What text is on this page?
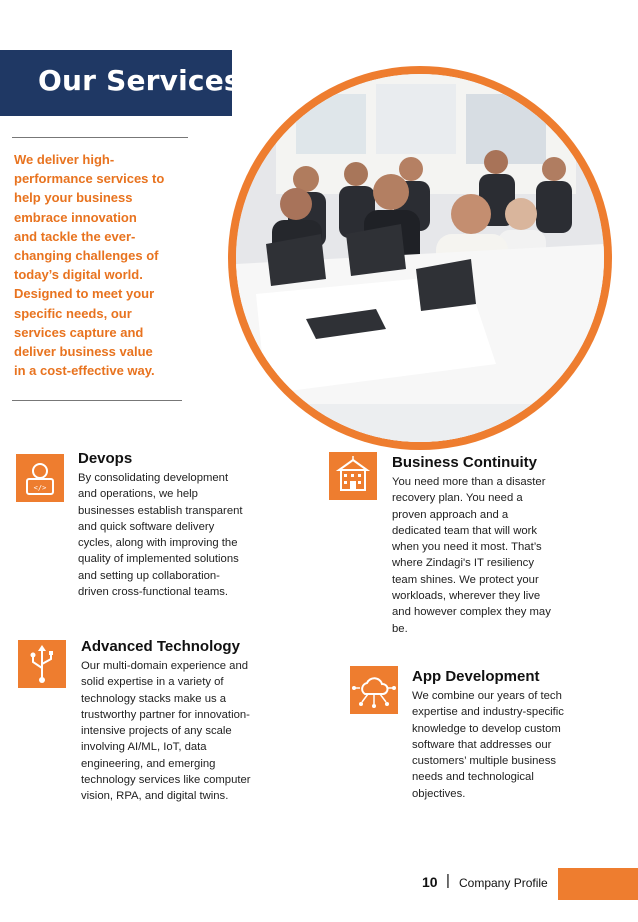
Our Services
We deliver high-
performance services to
help your business
embrace innovation
and tackle the ever-
changing challenges of
today’s digital world.
Designed to meet your
specific needs, our
services capture and
deliver business value
in a cost-effective way.
</>
Devops
By consolidating development
and operations, we help
businesses establish transparent
and quick software delivery
cycles, along with improving the
quality of implemented solutions
and setting up collaboration-
driven cross-functional teams.
Business Continuity
You need more than a disaster
recovery plan. You need a
proven approach and a
dedicated team that will work
when you need it most. That’s
where Zindagi's IT resiliency
team shines. We protect your
workloads, wherever they live
and however complex they may
be.
Advanced Technology
Our multi-domain experience and
solid expertise in a variety of
technology stacks make us a
trustworthy partner for innovation-
intensive projects of any scale
involving AI/ML, IoT, data
engineering, and emerging
technology services like computer
vision, RPA, and digital twins.
App Development
We combine our years of tech
expertise and industry-specific
knowledge to develop custom
software that addresses our
customers’ multiple business
needs and technological
objectives.
10 | Company Profile
